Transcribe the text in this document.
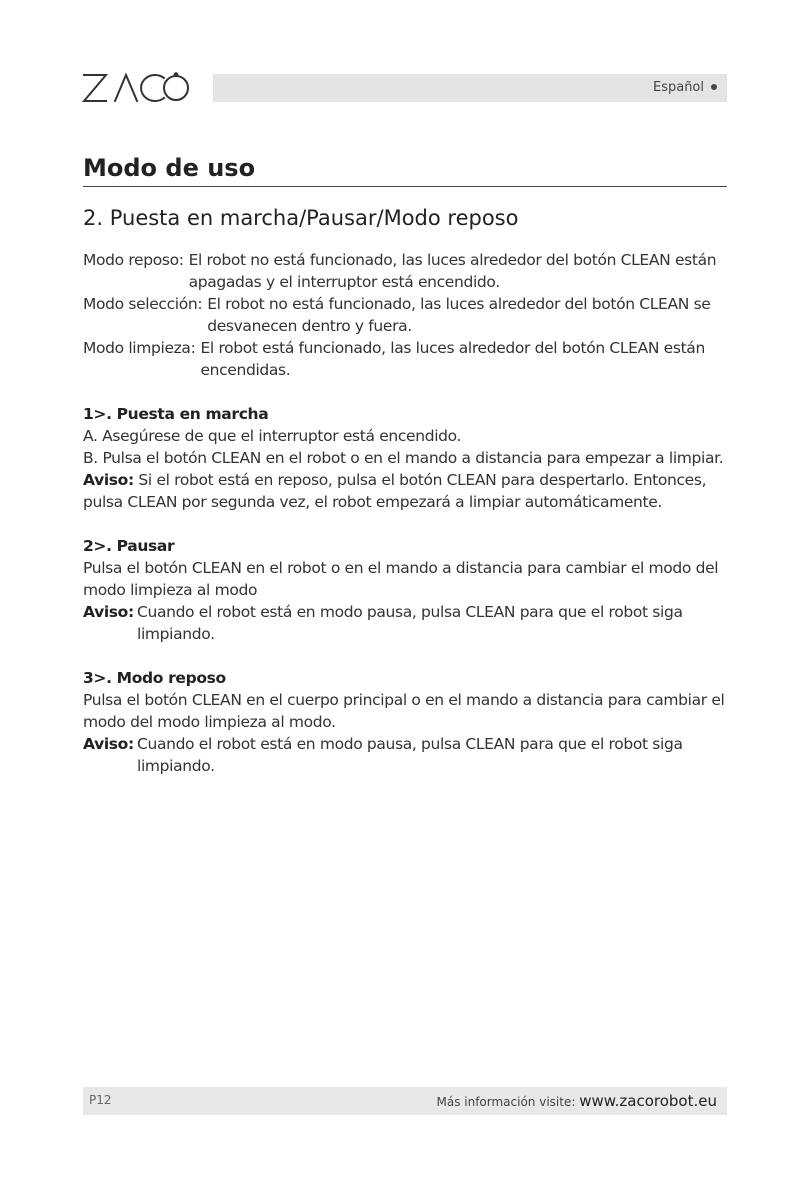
Español
Modo de uso
2. Puesta en marcha/Pausar/Modo reposo
Modo reposo: El robot no está funcionado, las luces alrededor del botón CLEAN están apagadas y el interruptor está encendido.
Modo selección: El robot no está funcionado, las luces alrededor del botón CLEAN se desvanecen dentro y fuera.
Modo limpieza: El robot está funcionado, las luces alrededor del botón CLEAN están encendidas.

1>. Puesta en marcha

A. Asegúrese de que el interruptor está encendido.

B. Pulsa el botón CLEAN en el robot o en el mando a distancia para empezar a limpiar.

Aviso: Si el robot está en reposo, pulsa el botón CLEAN para despertarlo. Entonces, pulsa CLEAN por segunda vez, el robot empezará a limpiar automáticamente.

2>. Pausar

Pulsa el botón CLEAN en el robot o en el mando a distancia para cambiar el modo del modo limpieza al modo

Aviso: Cuando el robot está en modo pausa, pulsa CLEAN para que el robot siga limpiando.

3>. Modo reposo

Pulsa el botón CLEAN en el cuerpo principal o en el mando a distancia para cambiar el modo del modo limpieza al modo.

Aviso: Cuando el robot está en modo pausa, pulsa CLEAN para que el robot siga limpiando.
P12	Más información visite: www.zacorobot.eu
